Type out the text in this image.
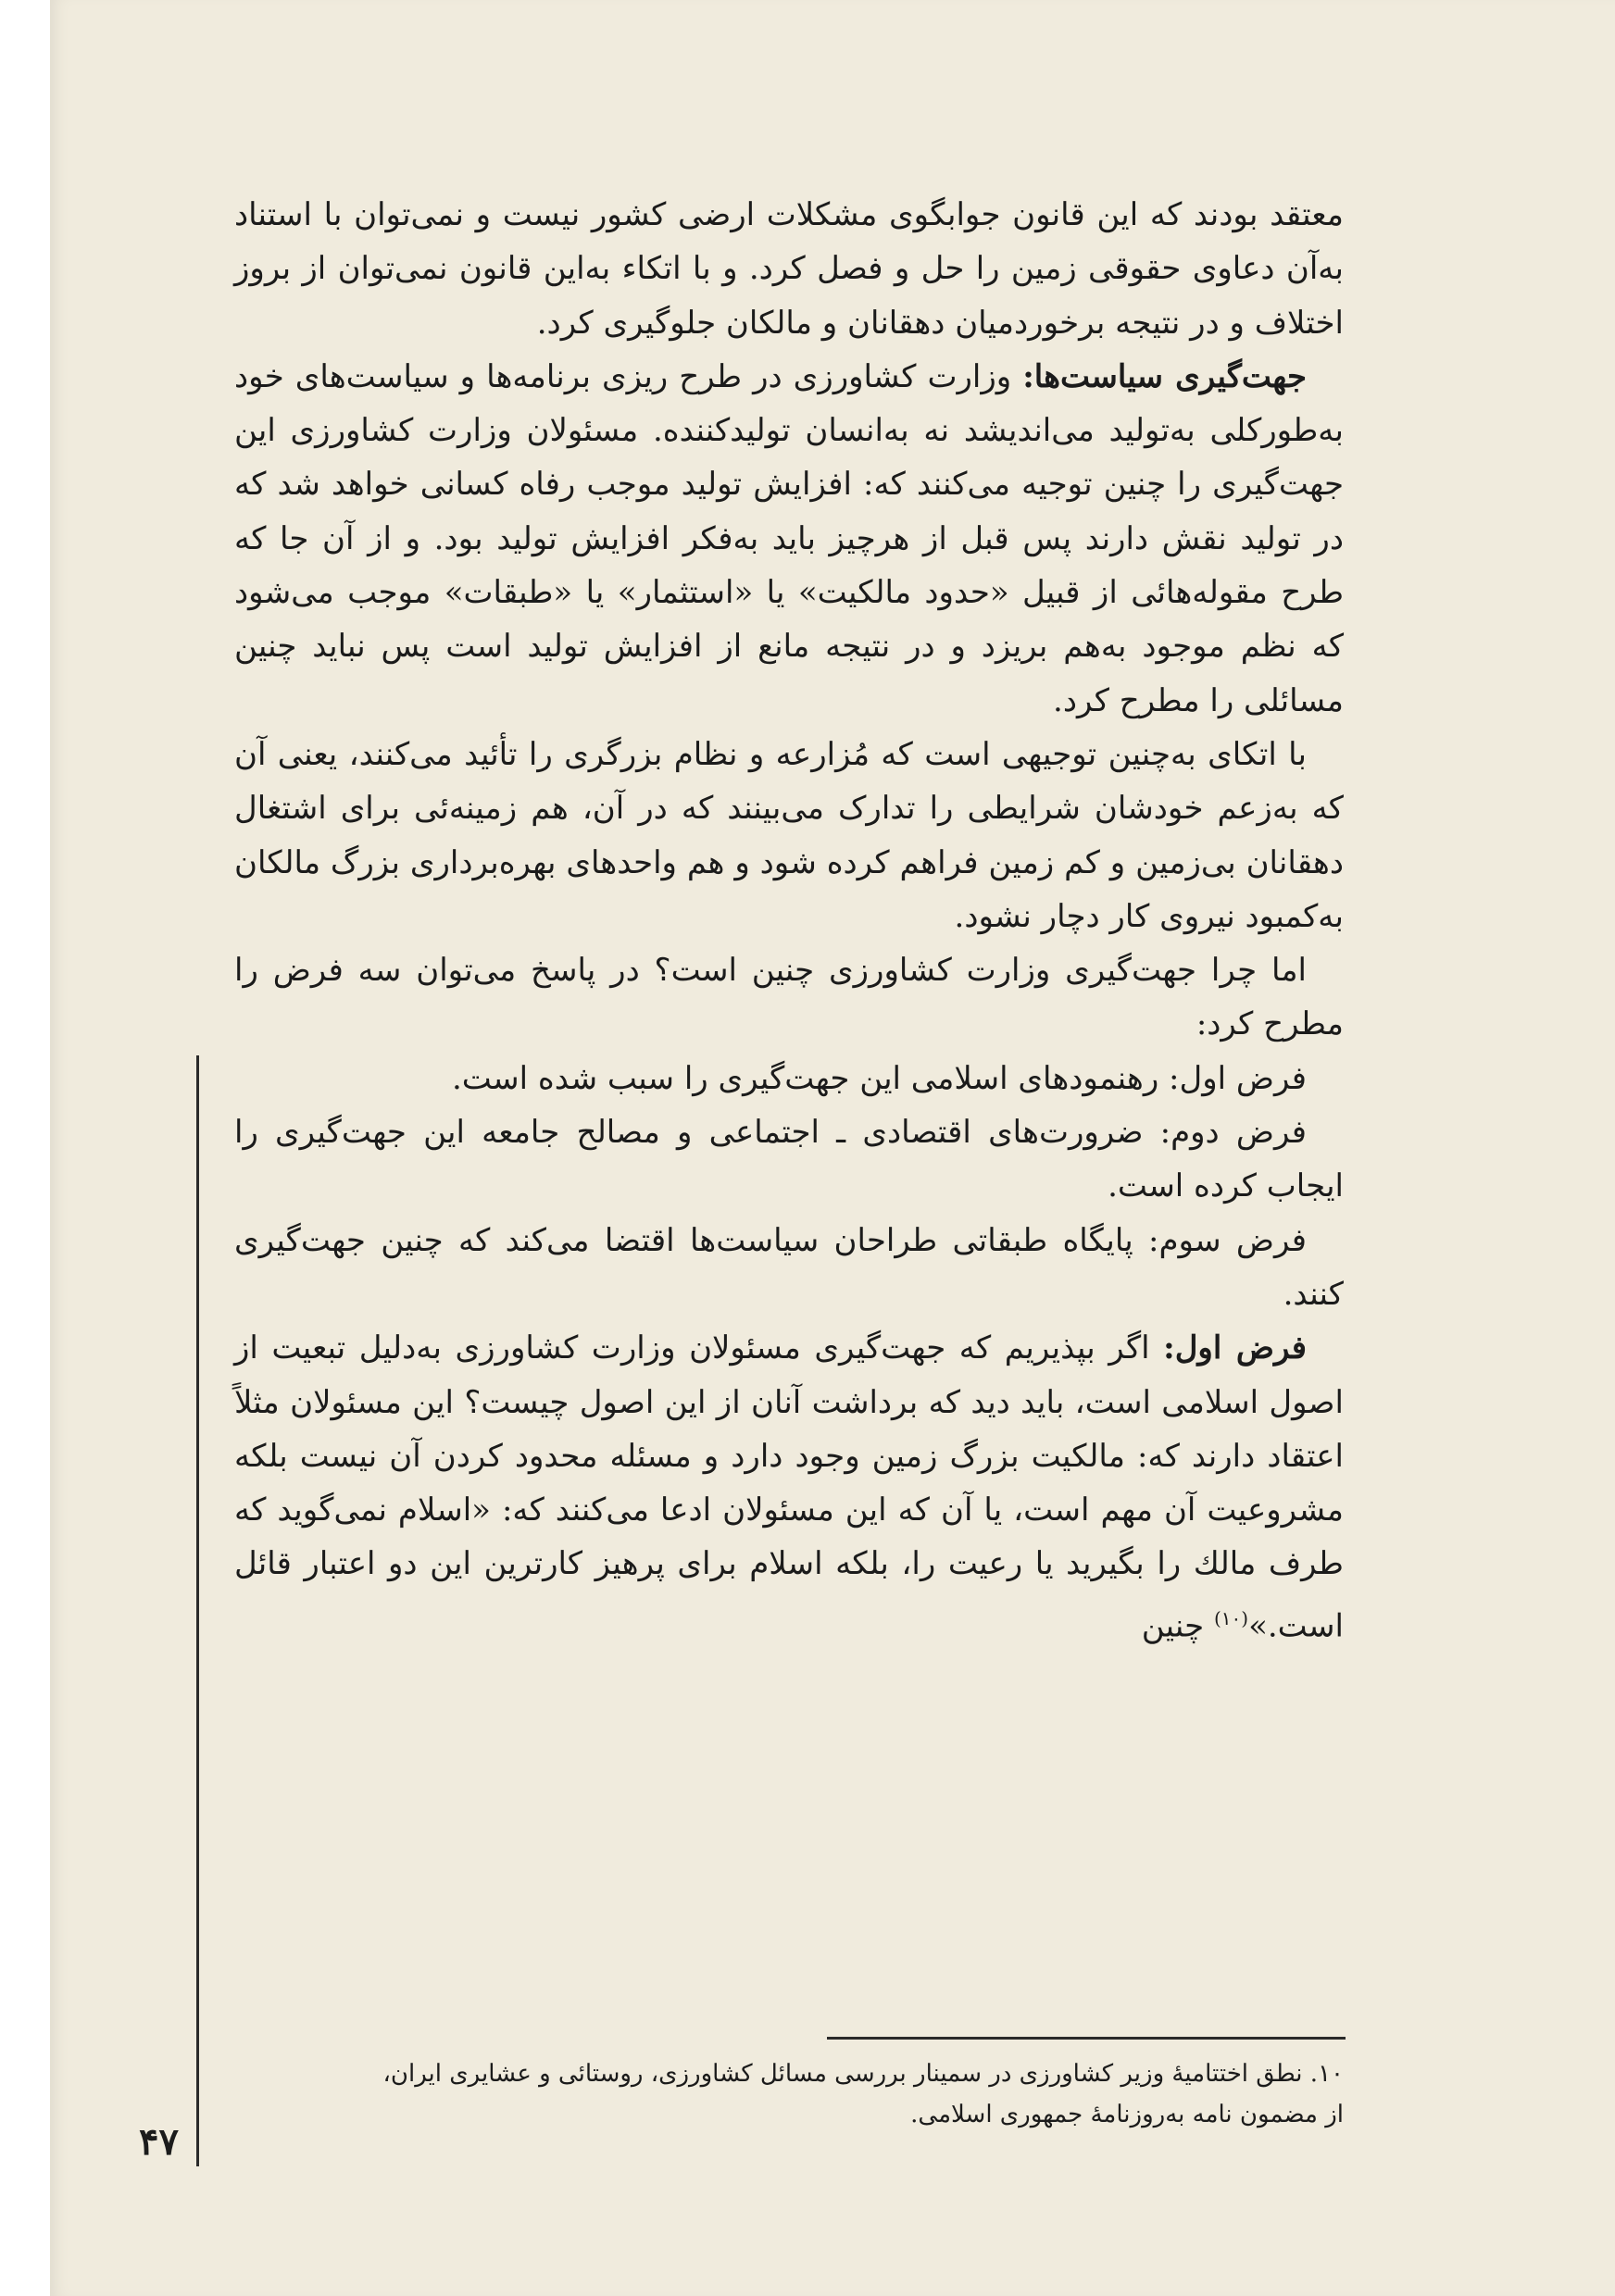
معتقد بودند که این قانون جوابگوی مشکلات ارضی کشور نیست و نمی‌توان با استناد به‌آن دعاوی حقوقی زمین را حل و فصل کرد. و با اتکاء به‌این قانون نمی‌توان از بروز اختلاف و در نتیجه برخوردمیان دهقانان و مالکان جلوگیری کرد.

جهت‌گیری سیاست‌ها: وزارت کشاورزی در طرح ریزی برنامه‌ها و سیاست‌های خود به‌طورکلی به‌تولید می‌اندیشد نه به‌انسان تولیدکننده. مسئولان وزارت کشاورزی این جهت‌گیری را چنین توجیه می‌کنند که: افزایش تولید موجب رفاه کسانی خواهد شد که در تولید نقش دارند پس قبل از هرچیز باید به‌فکر افزایش تولید بود. و از آن جا که طرح مقوله‌هائی از قبیل «حدود مالکیت» یا «استثمار» یا «طبقات» موجب می‌شود که نظم موجود به‌هم بریزد و در نتیجه مانع از افزایش تولید است پس نباید چنین مسائلی را مطرح کرد.

با اتکای به‌چنین توجیهی است که مُزارعه و نظام بزرگری را تأئید می‌کنند، یعنی آن که به‌زعم خودشان شرایطی را تدارک می‌بینند که در آن، هم زمینه‌ئی برای اشتغال دهقانان بی‌زمین و کم زمین فراهم کرده شود و هم واحدهای بهره‌برداری بزرگ مالکان به‌کمبود نیروی کار دچار نشود.

اما چرا جهت‌گیری وزارت کشاورزی چنین است؟ در پاسخ می‌توان سه فرض را مطرح کرد:

فرض اول: رهنمودهای اسلامی این جهت‌گیری را سبب شده است.

فرض دوم: ضرورت‌های اقتصادی ـ اجتماعی و مصالح جامعه این جهت‌گیری را ایجاب کرده است.

فرض سوم: پایگاه طبقاتی طراحان سیاست‌ها اقتضا می‌کند که چنین جهت‌گیری کنند.

فرض اول: اگر بپذیریم که جهت‌گیری مسئولان وزارت کشاورزی به‌دلیل تبعیت از اصول اسلامی است، باید دید که برداشت آنان از این اصول چیست؟ این مسئولان مثلاً اعتقاد دارند که: مالکیت بزرگ زمین وجود دارد و مسئله محدود کردن آن نیست بلکه مشروعیت آن مهم است، یا آن که این مسئولان ادعا می‌کنند که: «اسلام نمی‌گوید که طرف مالك را بگیرید یا رعیت را، بلکه اسلام برای پرهیز کارترین این دو اعتبار قائل است.»$^{(۱۰)}$ چنین

۱۰. نطق اختتامیهٔ وزیر کشاورزی در سمینار بررسی مسائل کشاورزی، روستائی و عشایری ایران،

از مضمون نامه به‌روزنامهٔ جمهوری اسلامی.

۴۷
